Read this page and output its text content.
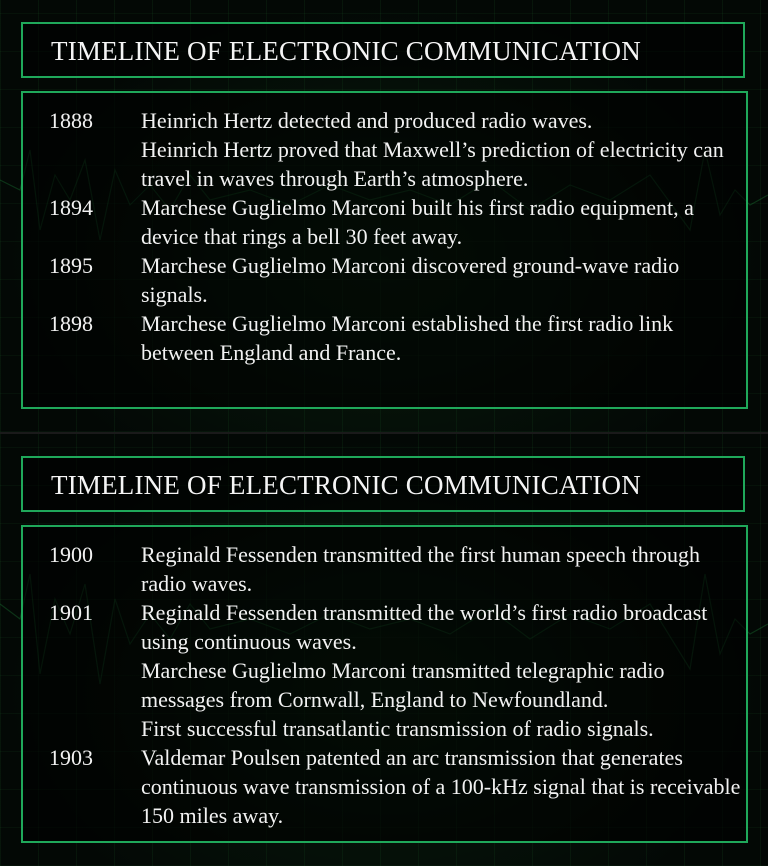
TIMELINE OF ELECTRONIC COMMUNICATION
1888	Heinrich Hertz detected and produced radio waves.
Heinrich Hertz proved that Maxwell’s prediction of electricity can travel in waves through Earth’s atmosphere.
1894	Marchese Guglielmo Marconi built his first radio equipment, a device that rings a bell 30 feet away.
1895	Marchese Guglielmo Marconi discovered ground-wave radio signals.
1898	Marchese Guglielmo Marconi established the first radio link between England and France.
TIMELINE OF ELECTRONIC COMMUNICATION
1900	Reginald Fessenden transmitted the first human speech through radio waves.
1901	Reginald Fessenden transmitted the world’s first radio broadcast using continuous waves.
Marchese Guglielmo Marconi transmitted telegraphic radio messages from Cornwall, England to Newfoundland.
First successful transatlantic transmission of radio signals.
1903	Valdemar Poulsen patented an arc transmission that generates continuous wave transmission of a 100-kHz signal that is receivable 150 miles away.
